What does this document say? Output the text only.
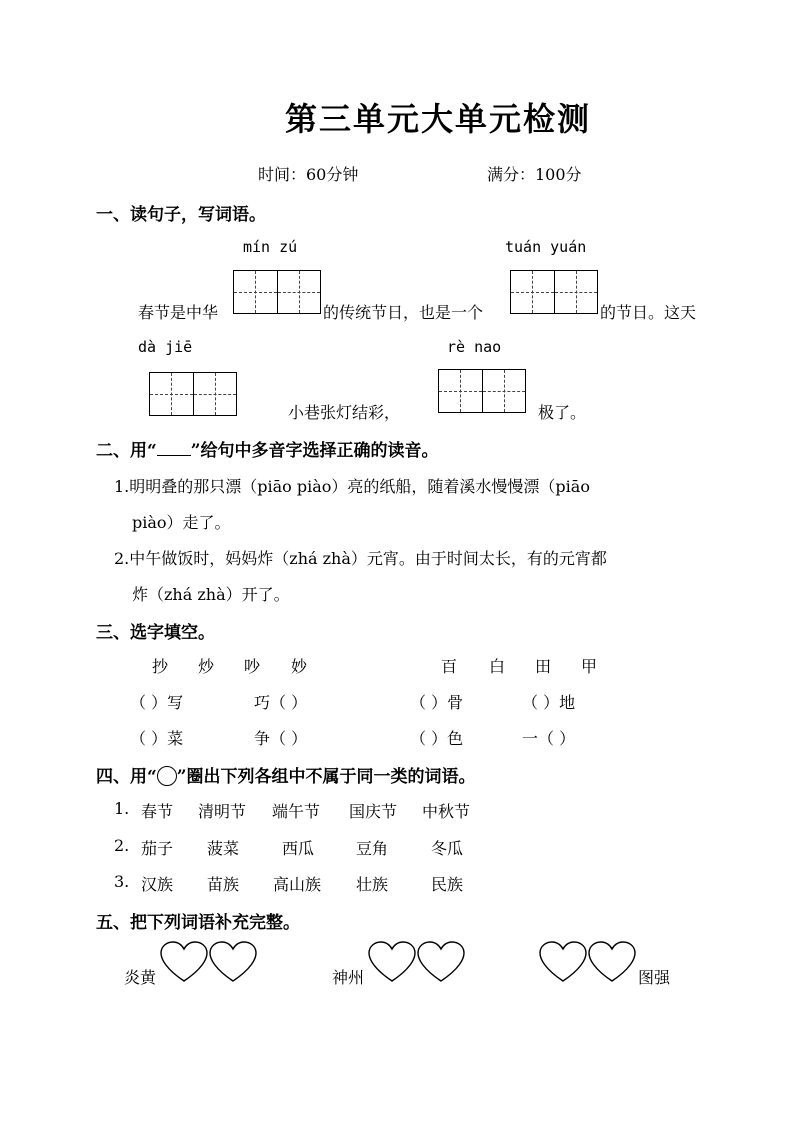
第三单元大单元检测
时间：60分钟	满分：100分
一、读句子，写词语。
mín zú	tuán yuán
春节是中华	的传统节日，也是一个	的节日。这天
dà jiē	rè nao
小巷张灯结彩，	极了。
二、用“ ”给句中多音字选择正确的读音。
1.明明叠的那只漂（piāo piào）亮的纸船，随着溪水慢慢漂（piāo
piào）走了。
2.中午做饭时，妈妈炸（zhá zhà）元宵。由于时间太长，有的元宵都
炸（zhá zhà）开了。
三、选字填空。
抄 炒 吵 妙	百 白 田 甲
（ ）写	巧（ ）	（ ）骨	（ ）地
（ ）菜	争（ ）	（ ）色	一（ ）
四、用“ ”圈出下列各组中不属于同一类的词语。
1. 春节 清明节 端午节 国庆节 中秋节
2. 茄子 菠菜	西瓜	豆角	冬瓜
3. 汉族 苗族 高山族 壮族	民族
五、把下列词语补充完整。
炎黄	神州	图强
